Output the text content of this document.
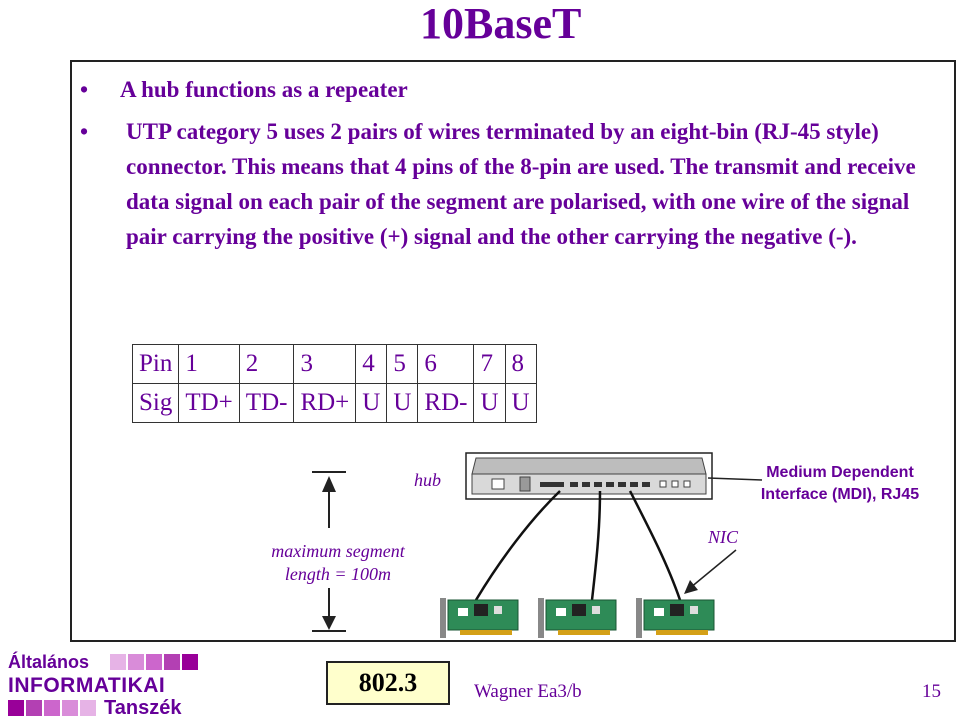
10BaseT
• A hub functions as a repeater
• UTP category 5 uses 2 pairs of wires terminated by an eight-bin (RJ-45 style) connector. This means that 4 pins of the 8-pin are used. The transmit and receive data signal on each pair of the segment are polarised, with one wire of the signal pair carrying the positive (+) signal and the other carrying the negative (-).
Pin	1	2	3	4	5	6	7	8
Sig	TD+	TD-	RD+	U	U	RD-	U	U
hub
NIC
maximum segment
length = 100m
Medium Dependent
Interface (MDI), RJ45
Általános
INFORMATIKAI
Tanszék
802.3	Wagner Ea3/b	15
